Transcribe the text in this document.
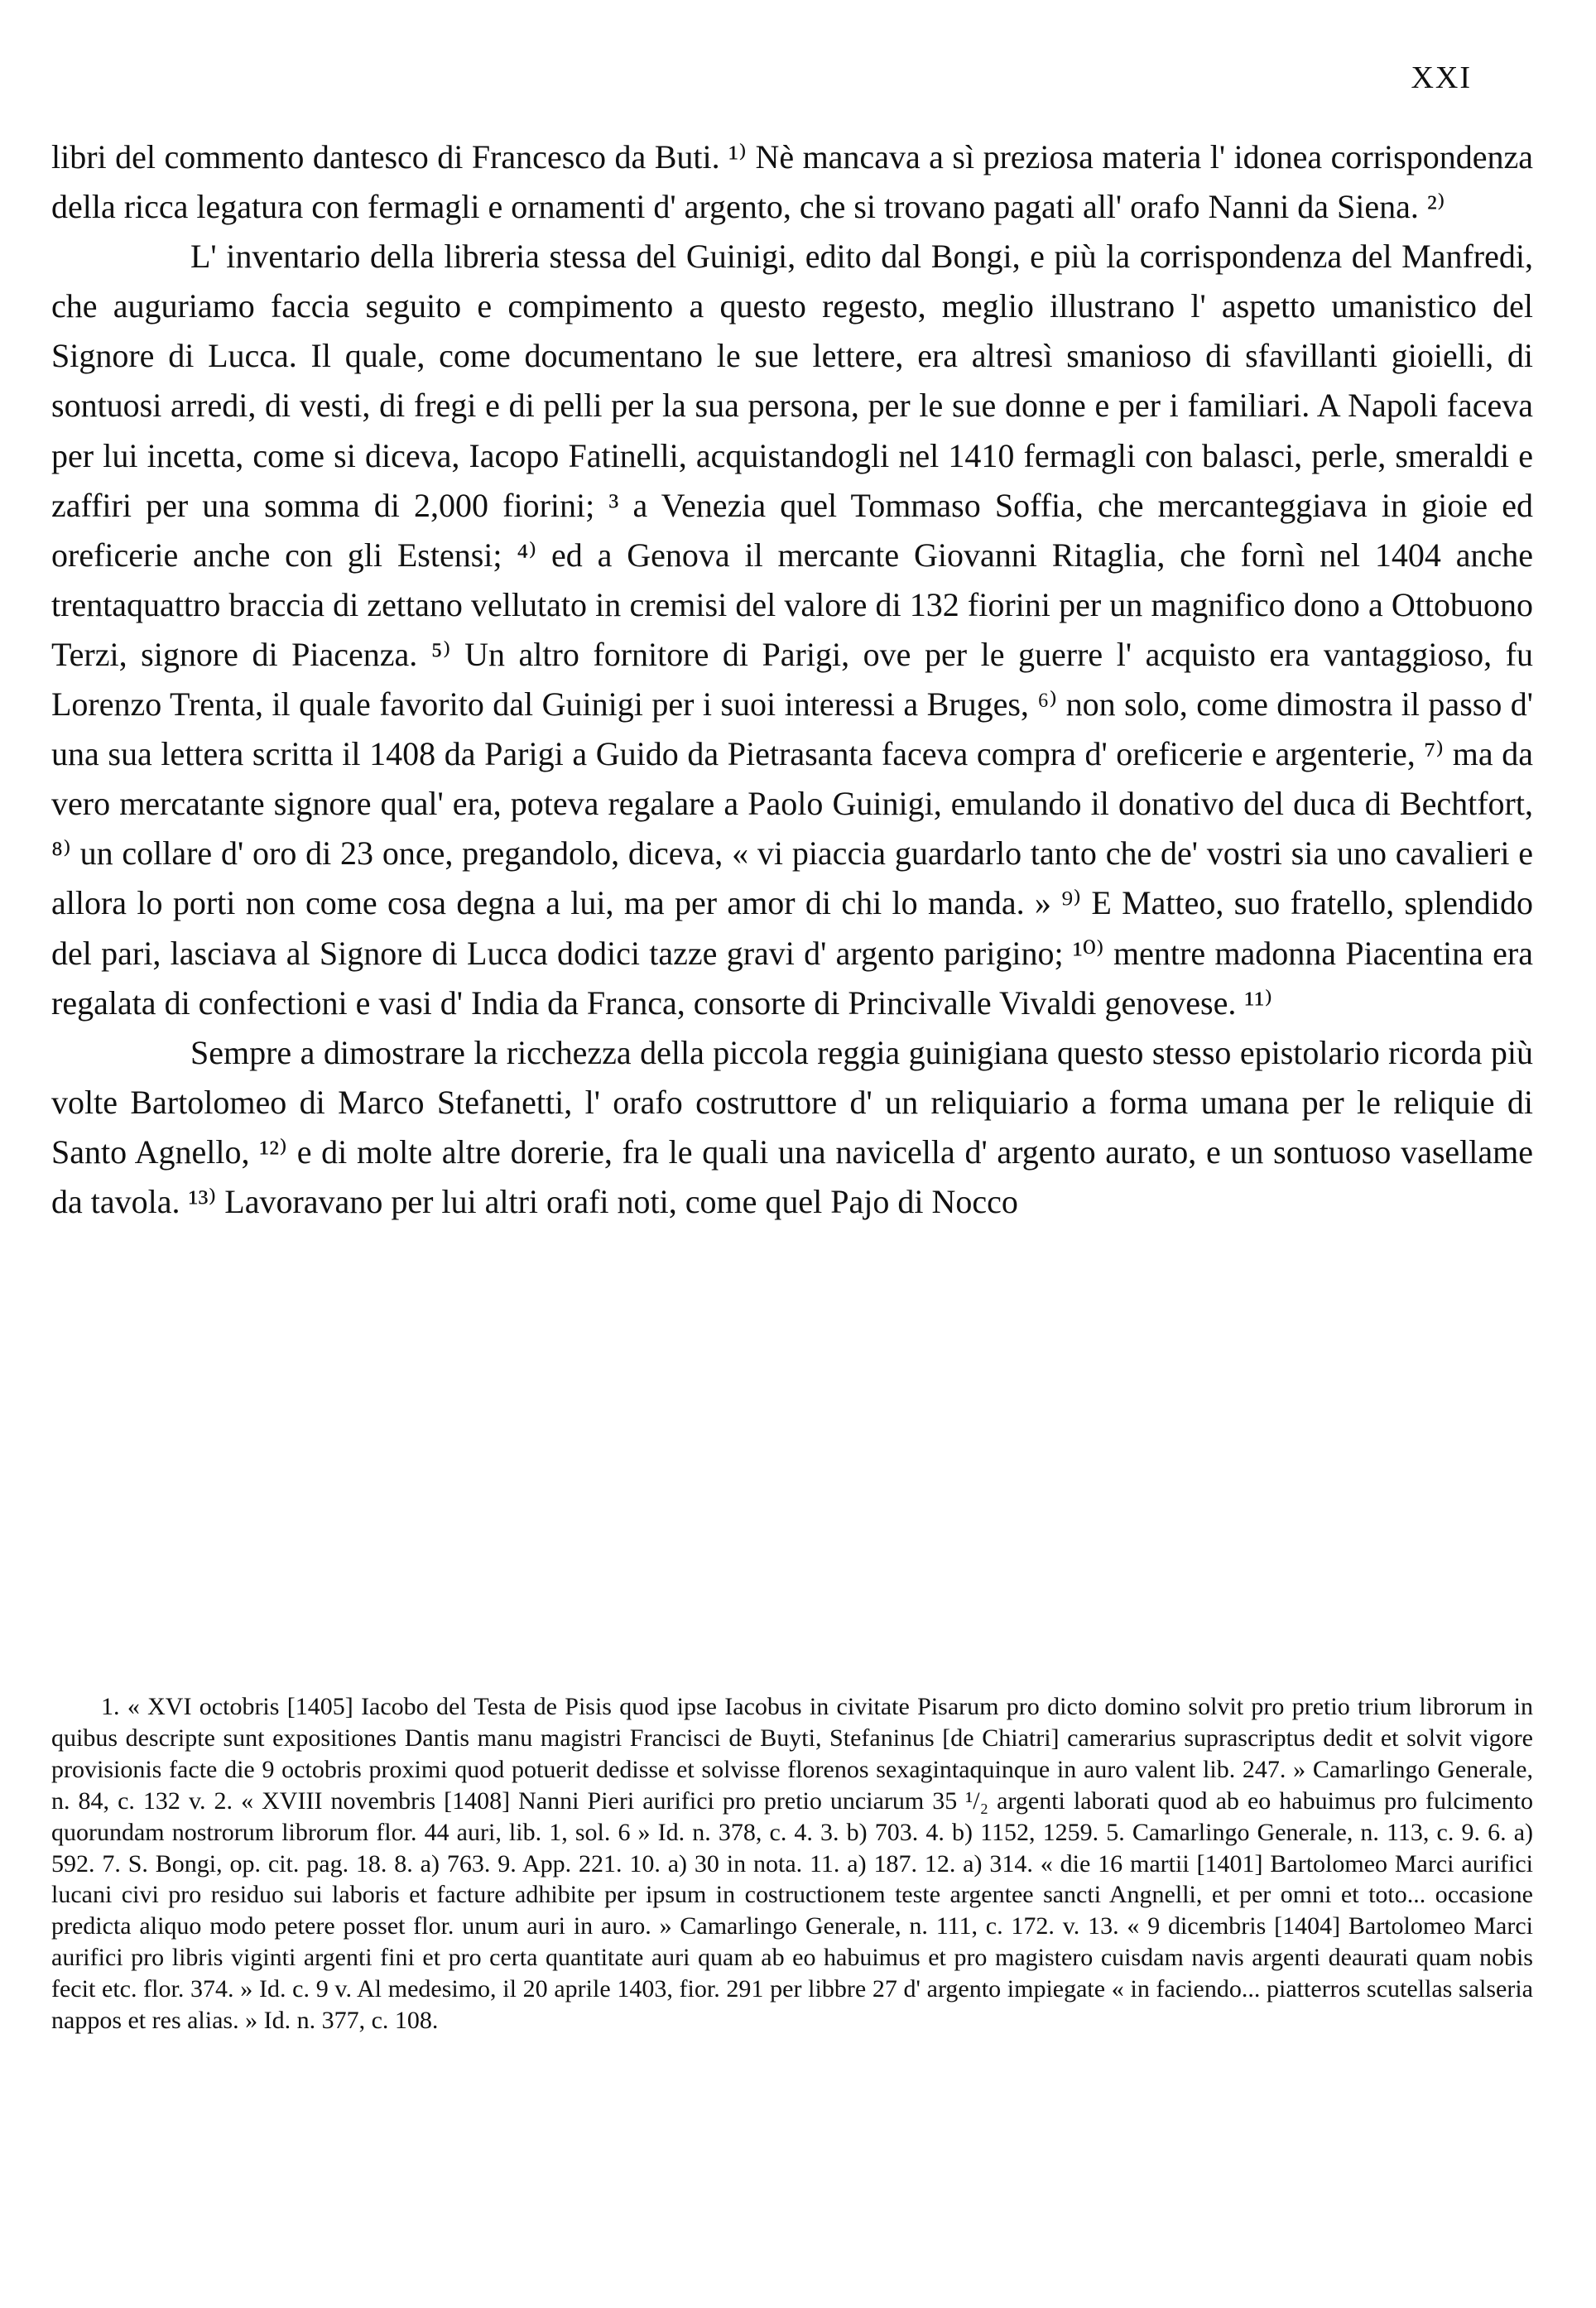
XXI

libri del commento dantesco di Francesco da Buti. ¹⁾ Nè mancava a sì preziosa materia l' idonea corrispondenza della ricca legatura con fermagli e ornamenti d' argento, che si trovano pagati all' orafo Nanni da Siena. ²⁾

L' inventario della libreria stessa del Guinigi, edito dal Bongi, e più la corrispondenza del Manfredi, che auguriamo faccia seguito e compimento a questo regesto, meglio illustrano l' aspetto umanistico del Signore di Lucca. Il quale, come documentano le sue lettere, era altresì smanioso di sfavillanti gioielli, di sontuosi arredi, di vesti, di fregi e di pelli per la sua persona, per le sue donne e per i familiari. A Napoli faceva per lui incetta, come si diceva, Iacopo Fatinelli, acquistandogli nel 1410 fermagli con balasci, perle, smeraldi e zaffiri per una somma di 2,000 fiorini; ³ a Venezia quel Tommaso Soffia, che mercanteggiava in gioie ed oreficerie anche con gli Estensi; ⁴⁾ ed a Genova il mercante Giovanni Ritaglia, che fornì nel 1404 anche trentaquattro braccia di zettano vellutato in cremisi del valore di 132 fiorini per un magnifico dono a Ottobuono Terzi, signore di Piacenza. ⁵⁾ Un altro fornitore di Parigi, ove per le guerre l' acquisto era vantaggioso, fu Lorenzo Trenta, il quale favorito dal Guinigi per i suoi interessi a Bruges, ⁶⁾ non solo, come dimostra il passo d' una sua lettera scritta il 1408 da Parigi a Guido da Pietrasanta faceva compra d' oreficerie e argenterie, ⁷⁾ ma da vero mercatante signore qual' era, poteva regalare a Paolo Guinigi, emulando il donativo del duca di Bechtfort, ⁸⁾ un collare d' oro di 23 once, pregandolo, diceva, « vi piaccia guardarlo tanto che de' vostri sia uno cavalieri e allora lo porti non come cosa degna a lui, ma per amor di chi lo manda. » ⁹⁾ E Matteo, suo fratello, splendido del pari, lasciava al Signore di Lucca dodici tazze gravi d' argento parigino; ¹⁰⁾ mentre madonna Piacentina era regalata di confectioni e vasi d' India da Franca, consorte di Princivalle Vivaldi genovese. ¹¹⁾

Sempre a dimostrare la ricchezza della piccola reggia guinigiana questo stesso epistolario ricorda più volte Bartolomeo di Marco Stefanetti, l' orafo costruttore d' un reliquiario a forma umana per le reliquie di Santo Agnello, ¹²⁾ e di molte altre dorerie, fra le quali una navicella d' argento aurato, e un sontuoso vasellame da tavola. ¹³⁾ Lavoravano per lui altri orafi noti, come quel Pajo di Nocco

1. « XVI octobris [1405] Iacobo del Testa de Pisis quod ipse Iacobus in civitate Pisarum pro dicto domino solvit pro pretio trium librorum in quibus descripte sunt expositiones Dantis manu magistri Francisci de Buyti, Stefaninus [de Chiatri] camerarius suprascriptus dedit et solvit vigore provisionis facte die 9 octobris proximi quod potuerit dedisse et solvisse florenos sexagintaquinque in auro valent lib. 247. » Camarlingo Generale, n. 84, c. 132 v. 2. « XVIII novembris [1408] Nanni Pieri aurifici pro pretio unciarum 35 ¹/₂ argenti laborati quod ab eo habuimus pro fulcimento quorundam nostrorum librorum flor. 44 auri, lib. 1, sol. 6 » Id. n. 378, c. 4. 3. b) 703. 4. b) 1152, 1259. 5. Camarlingo Generale, n. 113, c. 9. 6. a) 592. 7. S. Bongi, op. cit. pag. 18. 8. a) 763. 9. App. 221. 10. a) 30 in nota. 11. a) 187. 12. a) 314. « die 16 martii [1401] Bartolomeo Marci aurifici lucani civi pro residuo sui laboris et facture adhibite per ipsum in costructionem teste argentee sancti Angnelli, et per omni et toto... occasione predicta aliquo modo petere posset flor. unum auri in auro. » Camarlingo Generale, n. 111, c. 172. v. 13. « 9 dicembris [1404] Bartolomeo Marci aurifici pro libris viginti argenti fini et pro certa quantitate auri quam ab eo habuimus et pro magistero cuisdam navis argenti deaurati quam nobis fecit etc. flor. 374. » Id. c. 9 v. Al medesimo, il 20 aprile 1403, fior. 291 per libbre 27 d' argento impiegate « in faciendo... piatterros scutellas salseria nappos et res alias. » Id. n. 377, c. 108.
